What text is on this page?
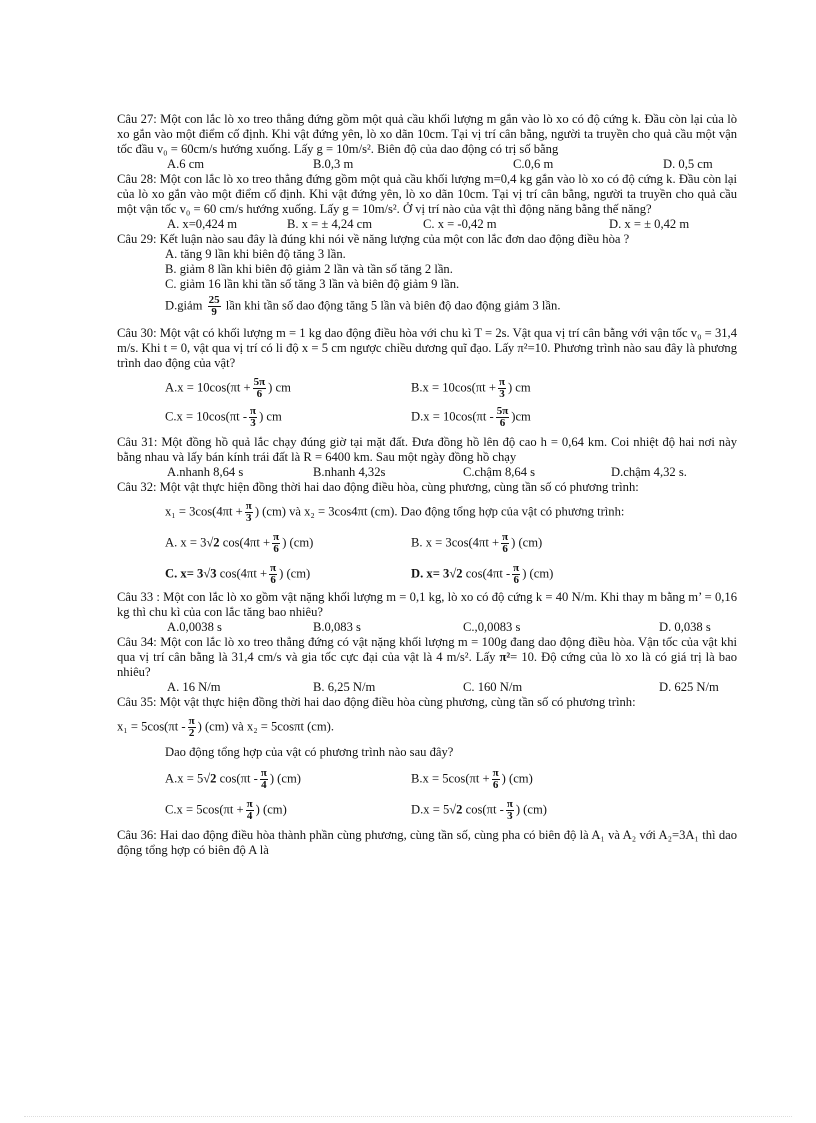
Câu 27: Một con lắc lò xo treo thẳng đứng gồm một quả cầu khối lượng m gắn vào lò xo có độ cứng k. Đầu còn lại của lò xo gắn vào một điểm cố định. Khi vật đứng yên, lò xo dãn 10cm. Tại vị trí cân bằng, người ta truyền cho quả cầu một vận tốc đầu v₀ = 60cm/s hướng xuống. Lấy g = 10m/s². Biên độ của dao động có trị số bằng
A.6 cm	B.0,3 m	C.0,6 m	D. 0,5 cm
Câu 28: Một con lắc lò xo treo thẳng đứng gồm một quả cầu khối lượng m=0,4 kg gắn vào lò xo có độ cứng k. Đầu còn lại của lò xo gắn vào một điểm cố định. Khi vật đứng yên, lò xo dãn 10cm. Tại vị trí cân bằng, người ta truyền cho quả cầu một vận tốc v₀ = 60 cm/s hướng xuống. Lấy g = 10m/s². Ở vị trí nào của vật thì động năng bằng thế năng?
A. x=0,424 m	B. x = ± 4,24 cm	C. x = -0,42 m	D. x = ± 0,42 m
Câu 29: Kết luận nào sau đây là đúng khi nói về năng lượng của một con lắc đơn dao động điều hòa ?
A. tăng 9 lần khi biên độ tăng 3 lần.
B. giảm 8 lần khi biên độ giảm 2 lần và tần số tăng 2 lần.
C. giảm 16 lần khi tần số tăng 3 lần và biên độ giảm 9 lần.
D.giảm $\frac{25}{9}$ lần khi tần số dao động tăng 5 lần và biên độ dao động giảm 3 lần.
Câu 30: Một vật có khối lượng m = 1 kg dao động điều hòa với chu kì T = 2s. Vật qua vị trí cân bằng với vận tốc v₀ = 31,4 m/s. Khi t = 0, vật qua vị trí có li độ x = 5 cm ngược chiều dương quĩ đạo. Lấy π²=10. Phương trình nào sau đây là phương trình dao động của vật?
$A.x = 10\cos(\pi t + \frac{5\pi}{6}$ ) cm	$B.x = 10\cos(\pi t + \frac{\pi}{3}$ ) cm
$C.x = 10\cos(\pi t - \frac{\pi}{3}$ ) cm	$D.x = 10\cos(\pi t - \frac{5\pi}{6} )cm$
Câu 31: Một đồng hồ quả lắc chạy đúng giờ tại mặt đất. Đưa đồng hồ lên độ cao h = 0,64 km. Coi nhiệt độ hai nơi này bằng nhau và lấy bán kính trái đất là R = 6400 km. Sau một ngày đồng hồ chạy
A.nhanh 8,64 s	B.nhanh 4,32s	C.chậm 8,64 s	D.chậm 4,32 s.
Câu 32: Một vật thực hiện đồng thời hai dao động điều hòa, cùng phương, cùng tần số có phương trình:
$x_1 = 3\cos(4\pi t + \frac{\pi}{3}$ ) (cm) và x₂ = 3cos4πt (cm). Dao động tổng hợp của vật có phương trình:
A. x = 3√2 $\cos(4\pi t + \frac{\pi}{6}$ ) (cm)	B. $x = 3\cos(4\pi t + \frac{\pi}{6}$ ) (cm)
C. x= 3√3 $\cos(4\pi t + \frac{\pi}{6}$ ) (cm)	D. x= 3√2 $\cos(4\pi t - \frac{\pi}{6}$ ) (cm)
Câu 33 : Một con lắc lò xo gồm vật nặng khối lượng m = 0,1 kg, lò xo có độ cứng k = 40 N/m. Khi thay m bằng m’ = 0,16 kg thì chu kì của con lắc tăng bao nhiêu?
A.0,0038 s	B.0,083 s	C.,0,0083 s	D. 0,038 s
Câu 34: Một con lắc lò xo treo thẳng đứng có vật nặng khối lượng m = 100g đang dao động điều hòa. Vận tốc của vật khi qua vị trí cân bằng là 31,4 cm/s và gia tốc cực đại của vật là 4 m/s². Lấy π²= 10. Độ cứng của lò xo là có giá trị là bao nhiêu?
A. 16 N/m	B. 6,25 N/m	C. 160 N/m	D. 625 N/m
Câu 35: Một vật thực hiện đồng thời hai dao động điều hòa cùng phương, cùng tần số có phương trình:
$x_1 = 5\cos(\pi t - \frac{\pi}{2}$ ) (cm) và x₂ = 5cosπt (cm).
Dao động tổng hợp của vật có phương trình nào sau đây?
A.x = 5√2 $\cos(\pi t - \frac{\pi}{4}$ ) (cm)	$B.x = 5\cos(\pi t + \frac{\pi}{6}$ ) (cm)
$C.x = 5\cos(\pi t + \frac{\pi}{4}$ ) (cm)	D.x = 5√2 $\cos(\pi t - \frac{\pi}{3}$ ) (cm)
Câu 36: Hai dao động điều hòa thành phần cùng phương, cùng tần số, cùng pha có biên độ là A₁ và A₂ với A₂=3A₁ thì dao động tổng hợp có biên độ A là
